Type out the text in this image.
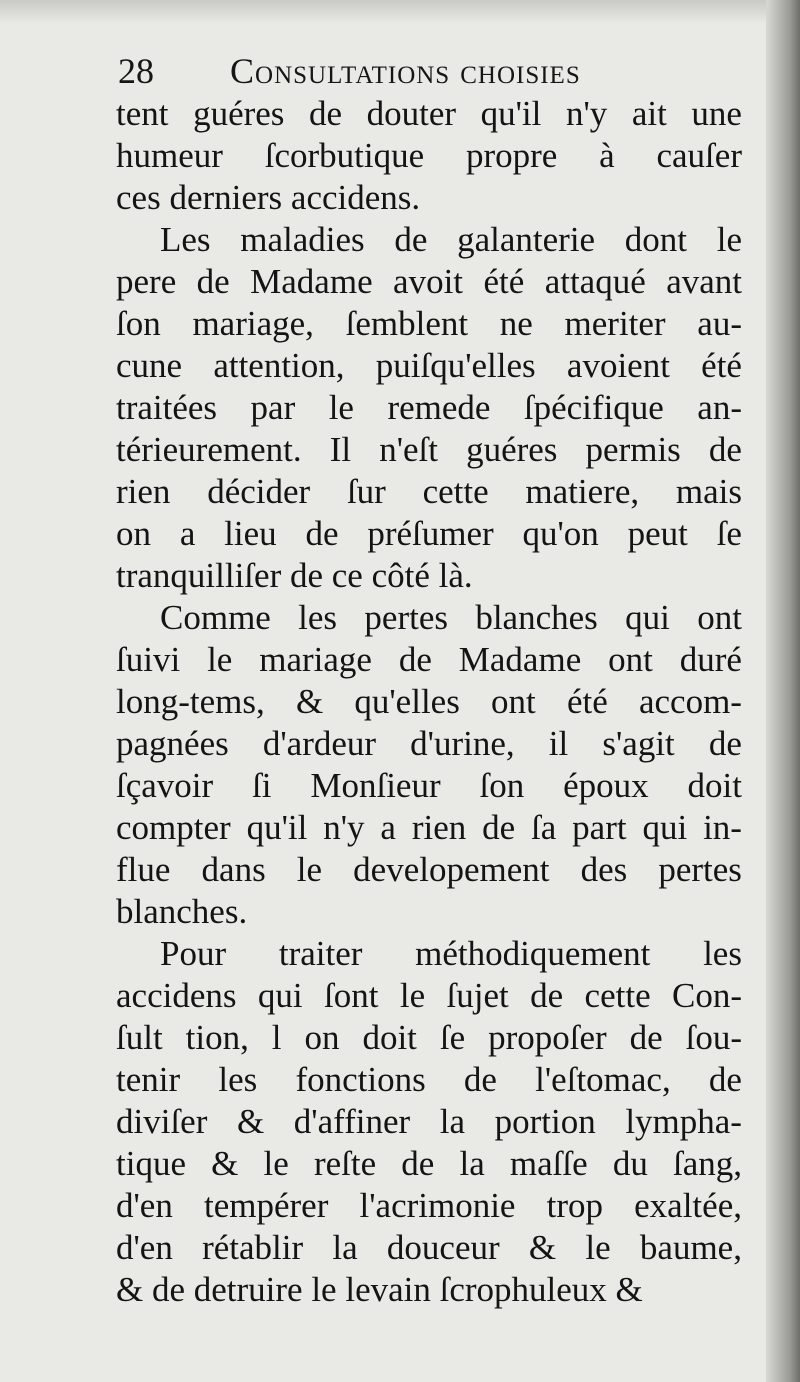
28 Consultations choisies
tent guéres de douter qu'il n'y ait une
humeur ſcorbutique propre à cauſer
ces derniers accidens.
Les maladies de galanterie dont le
pere de Madame avoit été attaqué avant
ſon mariage, ſemblent ne meriter au-
cune attention, puiſqu'elles avoient été
traitées par le remede ſpécifique an-
térieurement. Il n'eſt guéres permis de
rien décider ſur cette matiere, mais
on a lieu de préſumer qu'on peut ſe
tranquilliſer de ce côté là.
Comme les pertes blanches qui ont
ſuivi le mariage de Madame ont duré
long-tems, & qu'elles ont été accom-
pagnées d'ardeur d'urine, il s'agit de
ſçavoir ſi Monſieur ſon époux doit
compter qu'il n'y a rien de ſa part qui in-
flue dans le developement des pertes
blanches.
Pour traiter méthodiquement les
accidens qui ſont le ſujet de cette Con-
ſult tion, l on doit ſe propoſer de ſou-
tenir les fonctions de l'eſtomac, de
diviſer & d'affiner la portion lympha-
tique & le reſte de la maſſe du ſang,
d'en tempérer l'acrimonie trop exaltée,
d'en rétablir la douceur & le baume,
& de detruire le levain ſcrophuleux &
